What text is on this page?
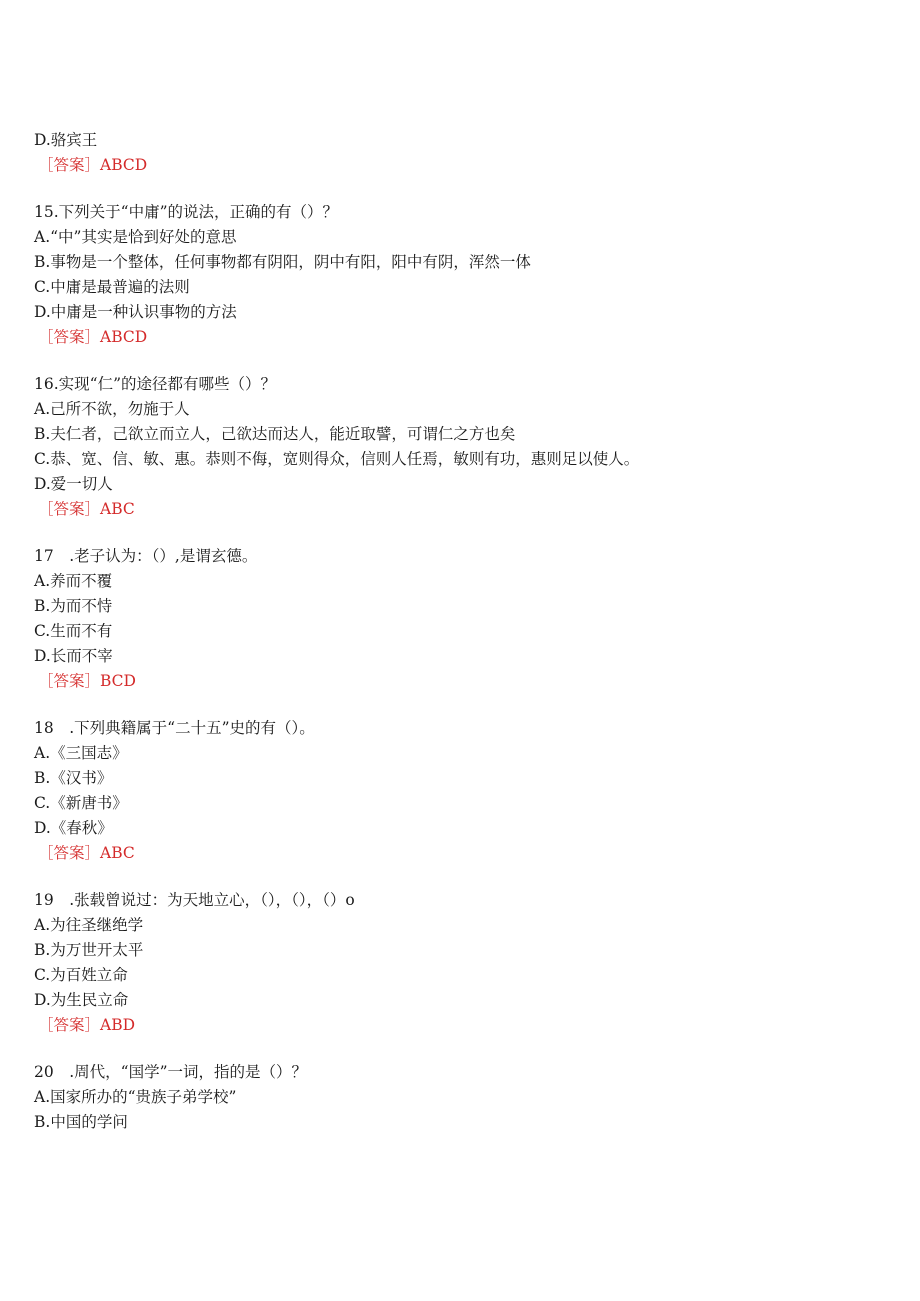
D.骆宾王
［答案］ABCD
15.下列关于“中庸”的说法，正确的有（）？
A.“中”其实是恰到好处的意思
B.事物是一个整体，任何事物都有阴阳，阴中有阳，阳中有阴，浑然一体
C.中庸是最普遍的法则
D.中庸是一种认识事物的方法
［答案］ABCD
16.实现“仁”的途径都有哪些（）？
A.己所不欲，勿施于人
B.夫仁者，己欲立而立人，己欲达而达人，能近取譬，可谓仁之方也矣
C.恭、宽、信、敏、惠。恭则不侮，宽则得众，信则人任焉，敏则有功，惠则足以使人。
D.爱一切人
［答案］ABC
17　.老子认为：（）,是谓玄德。
A.养而不覆
B.为而不恃
C.生而不有
D.长而不宰
［答案］BCD
18　.下列典籍属于“二十五”史的有（）。
A.《三国志》
B.《汉书》
C.《新唐书》
D.《春秋》
［答案］ABC
19　.张载曾说过：为天地立心，（），（），（）o
A.为往圣继绝学
B.为万世开太平
C.为百姓立命
D.为生民立命
［答案］ABD
20　.周代，“国学”一词，指的是（）？
A.国家所办的“贵族子弟学校”
B.中国的学问
